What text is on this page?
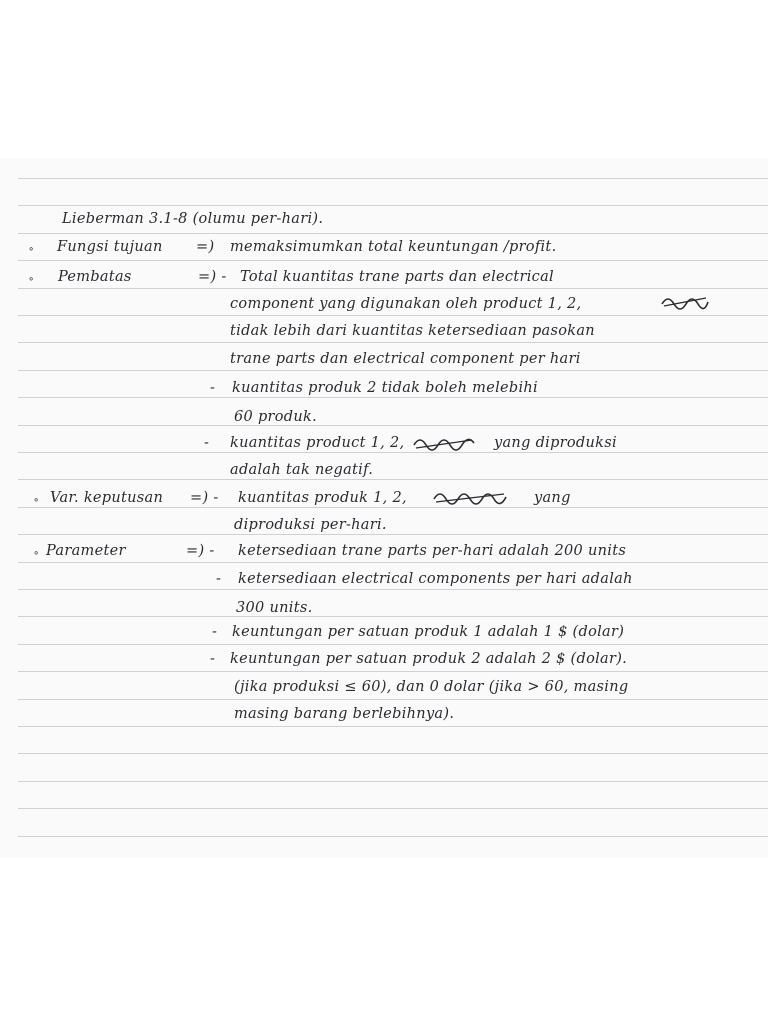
Lieberman 3.1-8 (olumu per-hari).
∘ Fungsi tujuan =) memaksimumkan total keuntungan /profit.
∘ Pembatas	=) - Total kuantitas trane parts dan electrical
component yang digunakan oleh product 1, 2,
tidak lebih dari kuantitas ketersediaan pasokan
trane parts dan electrical component per hari
- kuantitas produk 2 tidak boleh melebihi
60 produk.
- kuantitas product 1, 2,	yang diproduksi
adalah tak negatif.
∘ Var. keputusan =) - kuantitas produk 1, 2,	yang
diproduksi per-hari.
∘ Parameter	=) - ketersediaan trane parts per-hari adalah 200 units
- ketersediaan electrical components per hari adalah
300 units.
- keuntungan per satuan produk 1 adalah 1 $ (dolar)
- keuntungan per satuan produk 2 adalah 2 $ (dolar).
(jika produksi ≤ 60), dan 0 dolar (jika > 60, masing
masing barang berlebihnya).
